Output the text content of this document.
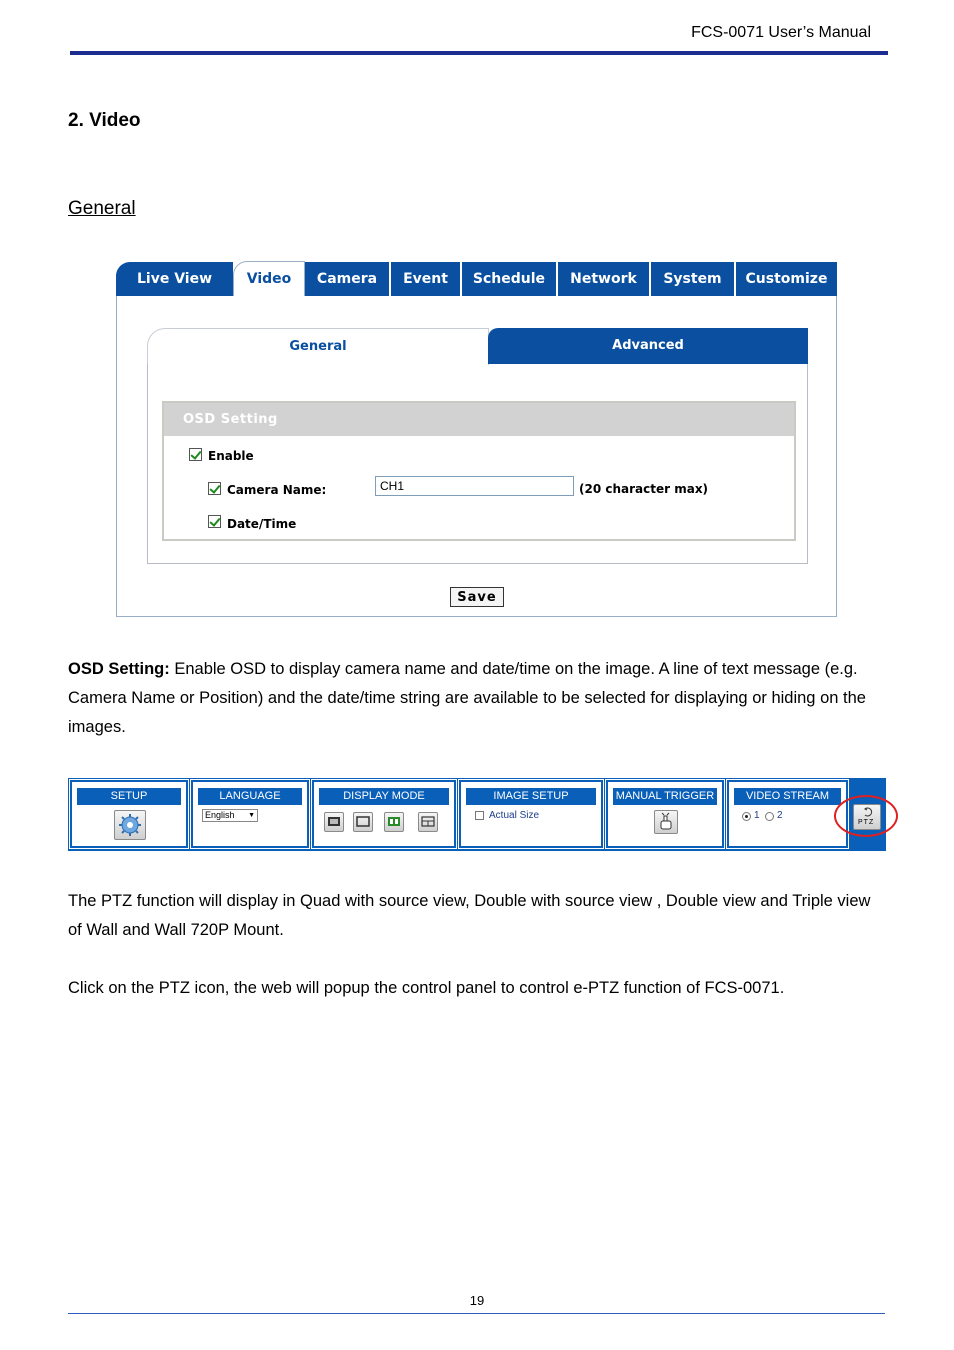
FCS-0071 User’s Manual
2. Video
General
Live View	Video	Camera	Event	Schedule	Network	System	Customize
General	Advanced
OSD Setting
Enable
Camera Name:
CH1	(20 character max)
Date/Time
Save
OSD Setting: Enable OSD to display camera name and date/time on the image. A line of text message (e.g. Camera Name or Position) and the date/time string are available to be selected for displaying or hiding on the images.
SETUP	LANGUAGE
English ▼
DISPLAY MODE	IMAGE SETUP
Actual Size
MANUAL TRIGGER	VIDEO STREAM
1 2
PTZ
The PTZ function will display in Quad with source view, Double with source view , Double view and Triple view of Wall and Wall 720P Mount.
Click on the PTZ icon, the web will popup the control panel to control e-PTZ function of FCS-0071.
19
